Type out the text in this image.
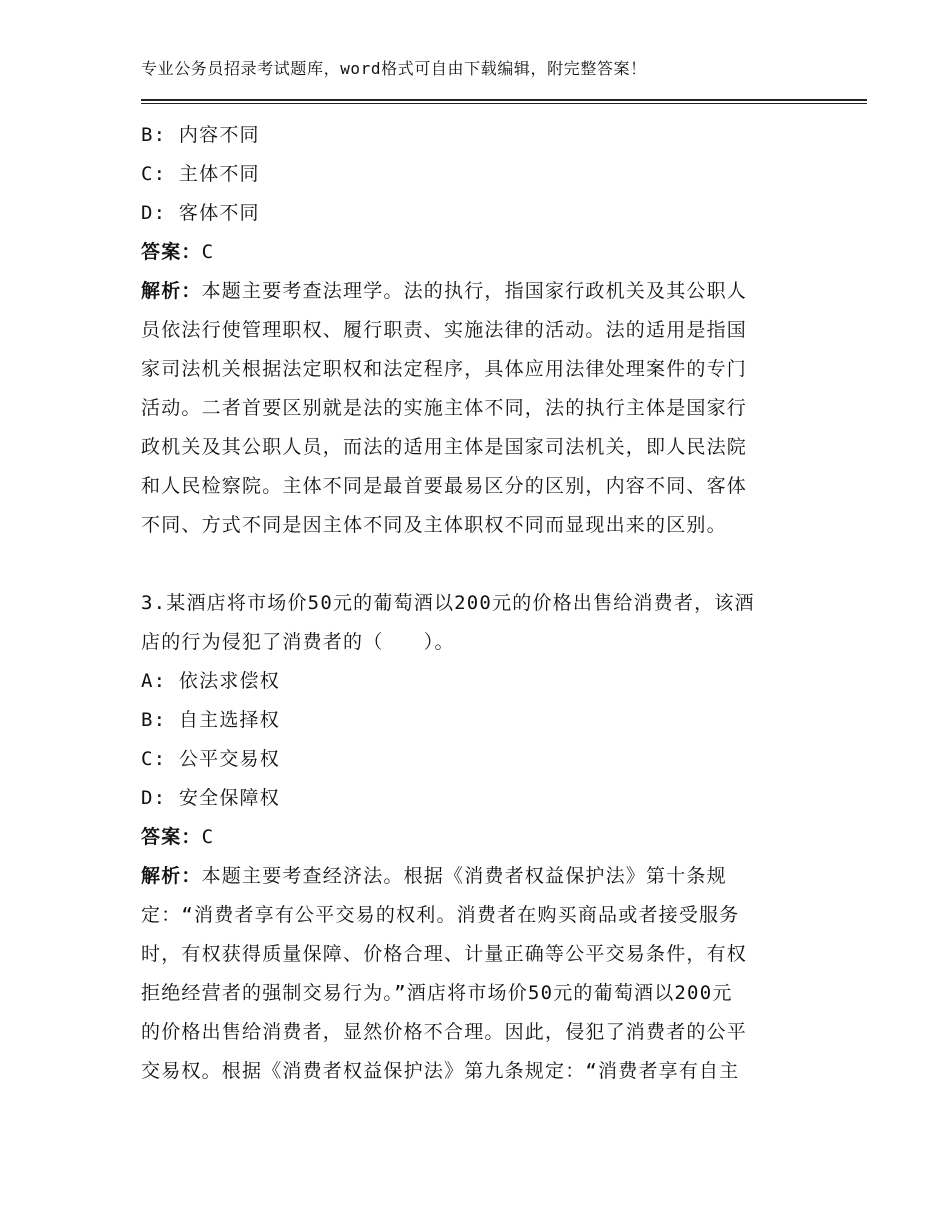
专业公务员招录考试题库，word格式可自由下载编辑，附完整答案！
B: 内容不同
C: 主体不同
D: 客体不同
答案：C
解析：本题主要考查法理学。法的执行，指国家行政机关及其公职人
员依法行使管理职权、履行职责、实施法律的活动。法的适用是指国
家司法机关根据法定职权和法定程序，具体应用法律处理案件的专门
活动。二者首要区别就是法的实施主体不同，法的执行主体是国家行
政机关及其公职人员，而法的适用主体是国家司法机关，即人民法院
和人民检察院。主体不同是最首要最易区分的区别，内容不同、客体
不同、方式不同是因主体不同及主体职权不同而显现出来的区别。
3.某酒店将市场价50元的葡萄酒以200元的价格出售给消费者，该酒
店的行为侵犯了消费者的（　　）。
A: 依法求偿权
B: 自主选择权
C: 公平交易权
D: 安全保障权
答案：C
解析：本题主要考查经济法。根据《消费者权益保护法》第十条规
定：“消费者享有公平交易的权利。消费者在购买商品或者接受服务
时，有权获得质量保障、价格合理、计量正确等公平交易条件，有权
拒绝经营者的强制交易行为。”酒店将市场价50元的葡萄酒以200元
的价格出售给消费者，显然价格不合理。因此，侵犯了消费者的公平
交易权。根据《消费者权益保护法》第九条规定：“消费者享有自主
